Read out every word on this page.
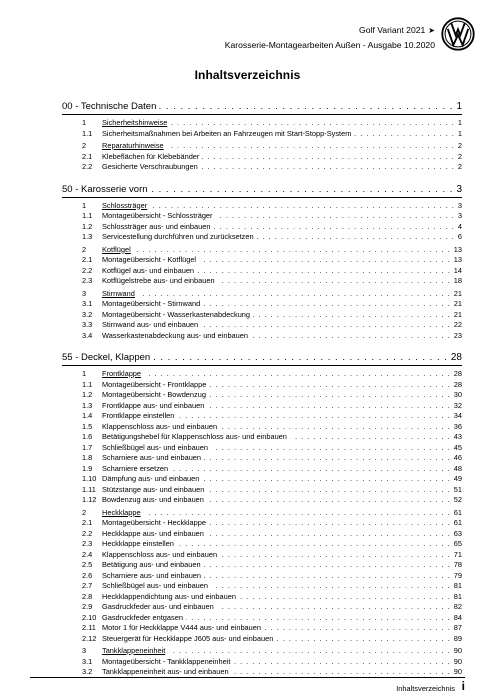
Golf Variant 2021 ➤
Karosserie-Montagearbeiten Außen - Ausgabe 10.2020
Inhaltsverzeichnis
00 - Technische Daten . . .	1
1	Sicherheitshinweise . . .	1
1.1	Sicherheitsmaßnahmen bei Arbeiten an Fahrzeugen mit Start-Stopp-System . . .	1
2	Reparaturhinweise . . .	2
2.1	Klebeflächen für Klebebänder . . .	2
2.2	Gesicherte Verschraubungen . . .	2
50 - Karosserie vorn . . .	3
1	Schlossträger . . .	3
1.1	Montageübersicht - Schlossträger . . .	3
1.2	Schlossträger aus- und einbauen . . .	4
1.3	Servicestellung durchführen und zurücksetzen . . .	6
2	Kotflügel . . .	13
2.1	Montageübersicht - Kotflügel . . .	13
2.2	Kotflügel aus- und einbauen . . .	14
2.3	Kotflügelstrebe aus- und einbauen . . .	18
3	Stirnwand . . .	21
3.1	Montageübersicht - Stirnwand . . .	21
3.2	Montageübersicht - Wasserkastenabdeckung . . .	21
3.3	Stirnwand aus- und einbauen . . .	22
3.4	Wasserkastenabdeckung aus- und einbauen . . .	23
55 - Deckel, Klappen . . .	28
1	Frontklappe . . .	28
1.1	Montageübersicht - Frontklappe . . .	28
1.2	Montageübersicht - Bowdenzug . . .	30
1.3	Frontklappe aus- und einbauen . . .	32
1.4	Frontklappe einstellen . . .	34
1.5	Klappenschloss aus- und einbauen . . .	36
1.6	Betätigungshebel für Klappenschloss aus- und einbauen . . .	43
1.7	Schließbügel aus- und einbauen . . .	45
1.8	Scharniere aus- und einbauen . . .	46
1.9	Scharniere ersetzen . . .	48
1.10 Dämpfung aus- und einbauen . . .	49
1.11 Stützstange aus- und einbauen . . .	51
1.12 Bowdenzug aus- und einbauen . . .	52
2	Heckklappe . . .	61
2.1	Montageübersicht - Heckklappe . . .	61
2.2	Heckklappe aus- und einbauen . . .	63
2.3	Heckklappe einstellen . . .	65
2.4	Klappenschloss aus- und einbauen . . .	71
2.5	Betätigung aus- und einbauen . . .	78
2.6	Scharniere aus- und einbauen . . .	79
2.7	Schließbügel aus- und einbauen . . .	81
2.8	Heckklappendichtung aus- und einbauen . . .	81
2.9	Gasdruckfeder aus- und einbauen . . .	82
2.10 Gasdruckfeder entgasen . . .	84
2.11 Motor 1 für Heckklappe V444 aus- und einbauen . . .	87
2.12 Steuergerät für Heckklappe J605 aus- und einbauen . . .	89
3	Tankklappeneinheit . . .	90
3.1	Montageübersicht - Tankklappeneinheit . . .	90
3.2	Tankklappeneinheit aus- und einbauen . . .	90
Inhaltsverzeichnis i
